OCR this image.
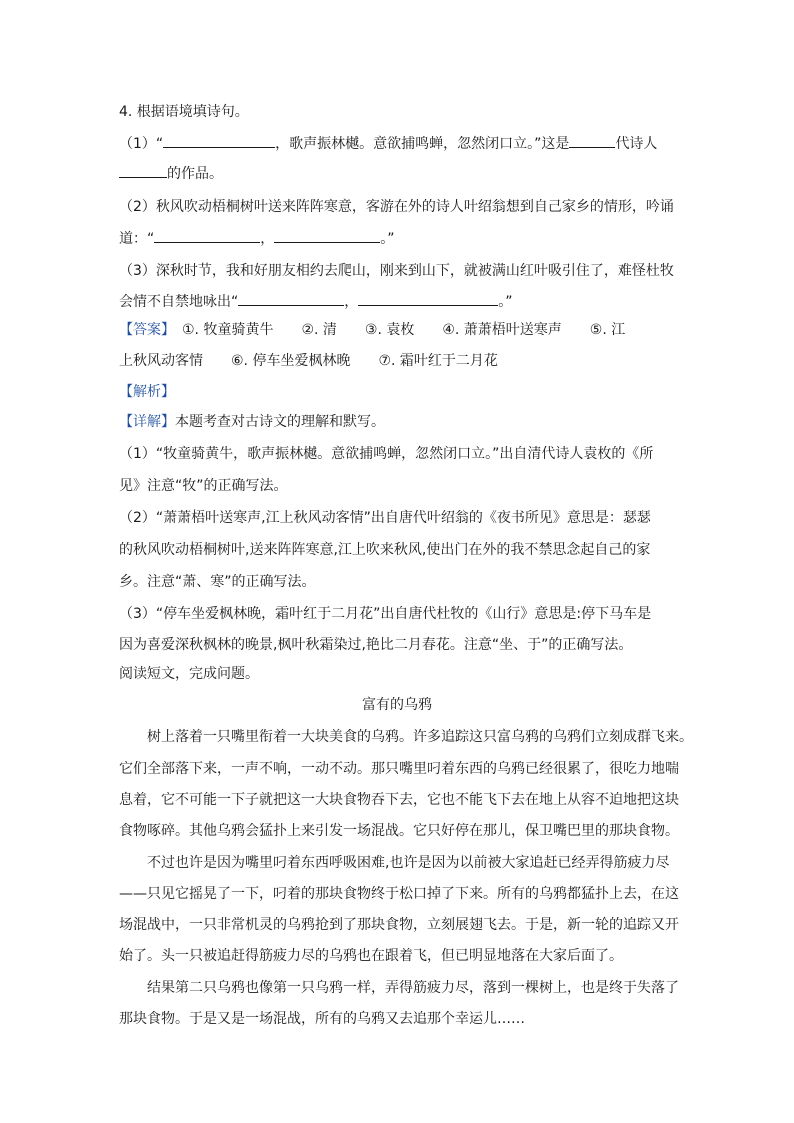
4. 根据语境填诗句。
（1）“	，歌声振林樾。意欲捕鸣蝉，忽然闭口立。”这是	代诗人
的作品。
（2）秋风吹动梧桐树叶送来阵阵寒意，客游在外的诗人叶绍翁想到自己家乡的情形，吟诵
道：“	，	。”
（3）深秋时节，我和好朋友相约去爬山，刚来到山下，就被满山红叶吸引住了，难怪杜牧
会情不自禁地咏出“	，	。”
【答案】　 ①. 牧童骑黄牛　　②. 清　　③. 袁枚　　④. 萧萧梧叶送寒声　　⑤. 江
上秋风动客情　　⑥. 停车坐爱枫林晚　　⑦. 霜叶红于二月花
【解析】
【详解】本题考查对古诗文的理解和默写。
（1）“牧童骑黄牛，歌声振林樾。意欲捕鸣蝉，忽然闭口立。”出自清代诗人袁枚的《所
见》注意“牧”的正确写法。
（2）“萧萧梧叶送寒声,江上秋风动客情”出自唐代叶绍翁的《夜书所见》意思是：瑟瑟
的秋风吹动梧桐树叶,送来阵阵寒意,江上吹来秋风,使出门在外的我不禁思念起自己的家
乡。注意“萧、寒”的正确写法。
（3）“停车坐爱枫林晚，霜叶红于二月花”出自唐代杜牧的《山行》意思是:停下马车是
因为喜爱深秋枫林的晚景,枫叶秋霜染过,艳比二月春花。注意“坐、于”的正确写法。
阅读短文，完成问题。
富有的乌鸦
　　树上落着一只嘴里衔着一大块美食的乌鸦。许多追踪这只富乌鸦的乌鸦们立刻成群飞来。
它们全部落下来，一声不响，一动不动。那只嘴里叼着东西的乌鸦已经很累了，很吃力地喘
息着，它不可能一下子就把这一大块食物吞下去，它也不能飞下去在地上从容不迫地把这块
食物啄碎。其他乌鸦会猛扑上来引发一场混战。它只好停在那儿，保卫嘴巴里的那块食物。
　　不过也许是因为嘴里叼着东西呼吸困难,也许是因为以前被大家追赶已经弄得筋疲力尽
——只见它摇晃了一下，叼着的那块食物终于松口掉了下来。所有的乌鸦都猛扑上去，在这
场混战中，一只非常机灵的乌鸦抢到了那块食物，立刻展翅飞去。于是，新一轮的追踪又开
始了。头一只被追赶得筋疲力尽的乌鸦也在跟着飞，但已明显地落在大家后面了。
　　结果第二只乌鸦也像第一只乌鸦一样，弄得筋疲力尽，落到一棵树上，也是终于失落了
那块食物。于是又是一场混战，所有的乌鸦又去追那个幸运儿……
